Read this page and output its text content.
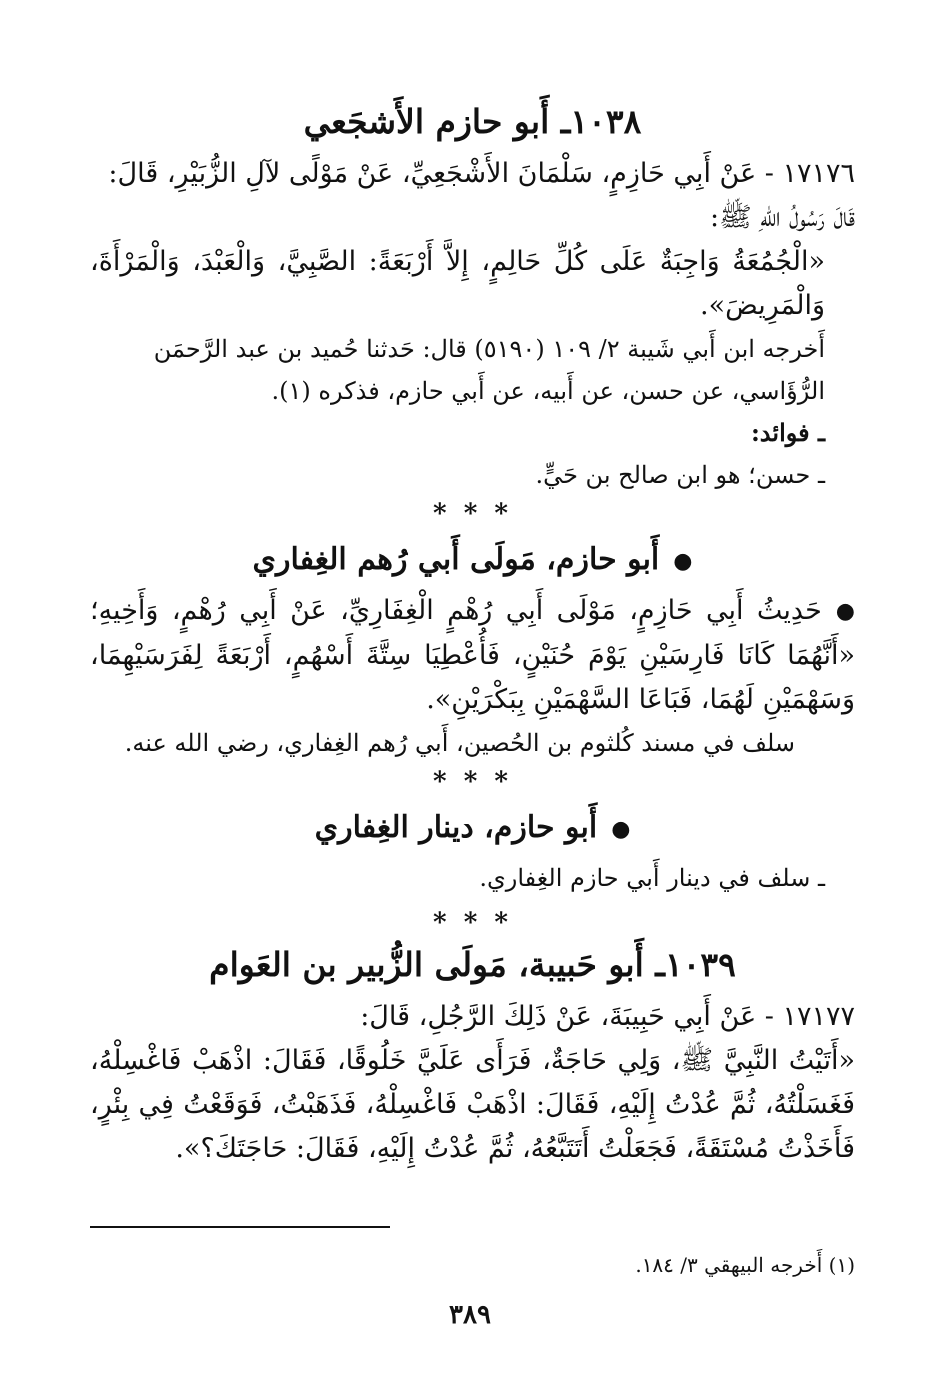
١٠٣٨ـ أَبو حازم الأَشجَعي

١٧١٧٦ - عَنْ أَبِي حَازِمٍ، سَلْمَانَ الأَشْجَعِيِّ، عَنْ مَوْلًى لآلِ الزُّبَيْرِ، قَالَ:

قَالَ رَسُولُ اللهِ ﷺ:

«الْجُمُعَةُ وَاجِبَةٌ عَلَى كُلِّ حَالِمٍ، إِلاَّ أَرْبَعَةً: الصَّبِيَّ، وَالْعَبْدَ، وَالْمَرْأَةَ، وَالْمَرِيضَ».

أَخرجه ابن أَبي شَيبة ٢/ ١٠٩ (٥١٩٠) قال: حَدثنا حُميد بن عبد الرَّحمَن الرُّؤَاسي، عن حسن، عن أَبيه، عن أَبي حازم، فذكره (١).

ـ فوائد:

ـ حسن؛ هو ابن صالح بن حَيٍّ.

* * *
●أَبو حازم، مَولَى أَبي رُهم الغِفاري

●حَدِيثُ أَبِي حَازِمٍ، مَوْلَى أَبِي رُهْمٍ الْغِفَارِيِّ، عَنْ أَبِي رُهْمٍ، وَأَخِيهِ؛ «أَنَّهُمَا كَانَا فَارِسَيْنِ يَوْمَ حُنَيْنٍ، فَأُعْطِيَا سِتَّةَ أَسْهُمٍ، أَرْبَعَةً لِفَرَسَيْهِمَا، وَسَهْمَيْنِ لَهُمَا، فَبَاعَا السَّهْمَيْنِ بِبَكْرَيْنِ».

سلف في مسند كُلثوم بن الحُصين، أَبي رُهم الغِفاري، رضي الله عنه.

* * *
●أَبو حازم، دينار الغِفاري

ـ سلف في دينار أَبي حازم الغِفاري.

* * *
١٠٣٩ـ أَبو حَبيبة، مَولَى الزُّبير بن العَوام

١٧١٧٧ - عَنْ أَبِي حَبِيبَةَ، عَنْ ذَلِكَ الرَّجُلِ، قَالَ:

«أَتَيْتُ النَّبِيَّ ﷺ، وَلِي حَاجَةٌ، فَرَأَى عَلَيَّ خَلُوقًا، فَقَالَ: اذْهَبْ فَاغْسِلْهُ، فَغَسَلْتُهُ، ثُمَّ عُدْتُ إِلَيْهِ، فَقَالَ: اذْهَبْ فَاغْسِلْهُ، فَذَهَبْتُ، فَوَقَعْتُ فِي بِئْرٍ، فَأَخَذْتُ مُسْتَقَةً، فَجَعَلْتُ أَتَتَبَّعُهُ، ثُمَّ عُدْتُ إِلَيْهِ، فَقَالَ: حَاجَتَكَ؟».

(١) أَخرجه البيهقي ٣/ ١٨٤.
٣٨٩
